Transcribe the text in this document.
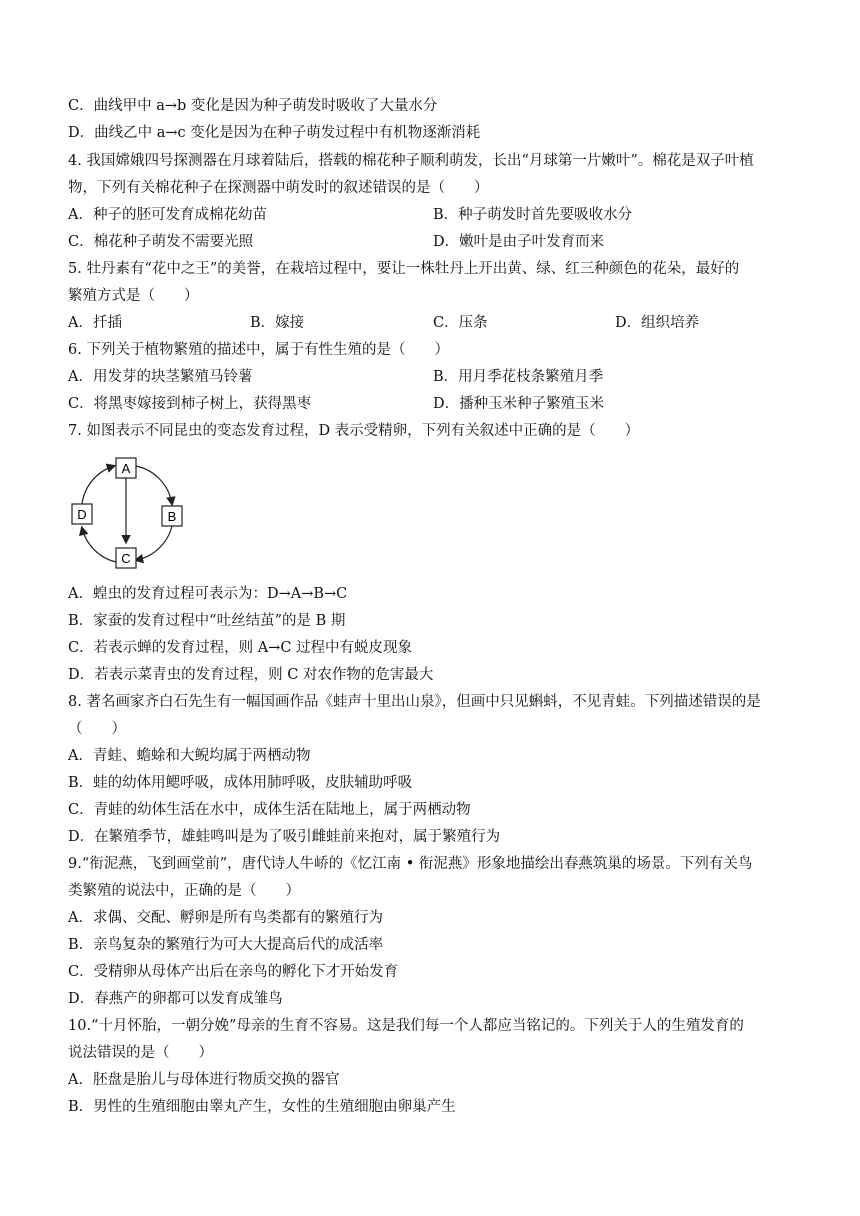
C．曲线甲中 a→b 变化是因为种子萌发时吸收了大量水分
D．曲线乙中 a→c 变化是因为在种子萌发过程中有机物逐渐消耗
4. 我国嫦娥四号探测器在月球着陆后，搭载的棉花种子顺利萌发，长出“月球第一片嫩叶”。棉花是双子叶植
物，下列有关棉花种子在探测器中萌发时的叙述错误的是（　　）
A．种子的胚可发育成棉花幼苗	B．种子萌发时首先要吸收水分
C．棉花种子萌发不需要光照	D．嫩叶是由子叶发育而来
5. 牡丹素有“花中之王”的美誉，在栽培过程中，要让一株牡丹上开出黄、绿、红三种颜色的花朵，最好的
繁殖方式是（　　）
A．扦插	B．嫁接	C．压条	D．组织培养
6. 下列关于植物繁殖的描述中，属于有性生殖的是（　　）
A．用发芽的块茎繁殖马铃薯	B．用月季花枝条繁殖月季
C．将黑枣嫁接到柿子树上，获得黑枣	D．播种玉米种子繁殖玉米
7. 如图表示不同昆虫的变态发育过程，D 表示受精卵，下列有关叙述中正确的是（　　）
A
B
C
D
A．蝗虫的发育过程可表示为：D→A→B→C
B．家蚕的发育过程中“吐丝结茧”的是 B 期
C．若表示蝉的发育过程，则 A→C 过程中有蜕皮现象
D．若表示菜青虫的发育过程，则 C 对农作物的危害最大
8. 著名画家齐白石先生有一幅国画作品《蛙声十里出山泉》，但画中只见蝌蚪，不见青蛙。下列描述错误的是
（　　）
A．青蛙、蟾蜍和大鲵均属于两栖动物
B．蛙的幼体用鳃呼吸，成体用肺呼吸，皮肤辅助呼吸
C．青蛙的幼体生活在水中，成体生活在陆地上，属于两栖动物
D．在繁殖季节，雄蛙鸣叫是为了吸引雌蛙前来抱对，属于繁殖行为
9.“衔泥燕，飞到画堂前”，唐代诗人牛峤的《忆江南 • 衔泥燕》形象地描绘出春燕筑巢的场景。下列有关鸟
类繁殖的说法中，正确的是（　　）
A．求偶、交配、孵卵是所有鸟类都有的繁殖行为
B．亲鸟复杂的繁殖行为可大大提高后代的成活率
C．受精卵从母体产出后在亲鸟的孵化下才开始发育
D．春燕产的卵都可以发育成雏鸟
10.“十月怀胎，一朝分娩”母亲的生育不容易。这是我们每一个人都应当铭记的。下列关于人的生殖发育的
说法错误的是（　　）
A．胚盘是胎儿与母体进行物质交换的器官
B．男性的生殖细胞由睾丸产生，女性的生殖细胞由卵巢产生
